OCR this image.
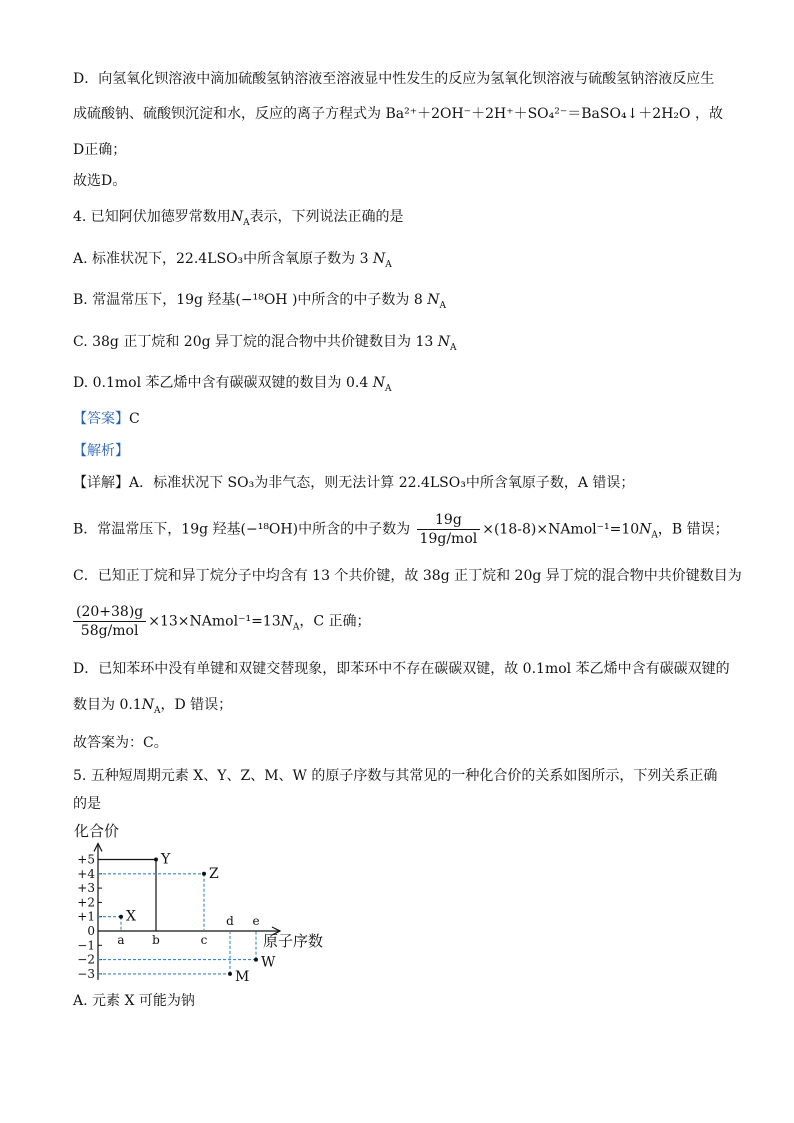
D．向氢氧化钡溶液中滴加硫酸氢钠溶液至溶液显中性发生的反应为氢氧化钡溶液与硫酸氢钠溶液反应生
成硫酸钠、硫酸钡沉淀和水，反应的离子方程式为 Ba²⁺＋2OH⁻＋2H⁺＋SO₄²⁻＝BaSO₄↓＋2H₂O ，故
D正确；
故选D。
4. 已知阿伏加德罗常数用$N_A$表示，下列说法正确的是
A. 标准状况下，22.4LSO₃中所含氧原子数为 3 $N_A$
B. 常温常压下，19g 羟基(−¹⁸OH )中所含的中子数为 8 $N_A$
C. 38g 正丁烷和 20g 异丁烷的混合物中共价键数目为 13 $N_A$
D. 0.1mol 苯乙烯中含有碳碳双键的数目为 0.4 $N_A$
【答案】C
【解析】
【详解】A．标准状况下 SO₃为非气态，则无法计算 22.4LSO₃中所含氧原子数，A 错误；
B．常温常压下，19g 羟基(−¹⁸OH)中所含的中子数为 $\frac{19g}{\text{19g/mol}}$ $\times(18-8)\times NAmol^{-1}=10N_A$，B 错误；
C．已知正丁烷和异丁烷分子中均含有 13 个共价键，故 38g 正丁烷和 20g 异丁烷的混合物中共价键数目为
$\frac{(20+38)g}{\text{58g/mol}}$ $\times 13\times NAmol^{-1}=13N_A$，C 正确；
D．已知苯环中没有单键和双键交替现象，即苯环中不存在碳碳双键，故 0.1mol 苯乙烯中含有碳碳双键的
数目为 $0.1N_A$，D 错误；
故答案为：C。
5. 五种短周期元素 X、Y、Z、M、W 的原子序数与其常见的一种化合价的关系如图所示，下列关系正确
的是
化合价
原子序数
+5
+4
+3
+2
+1
0
−1
−2
−3
a b	c
d e
X
Y
Z
M
W
A. 元素 X 可能为钠
